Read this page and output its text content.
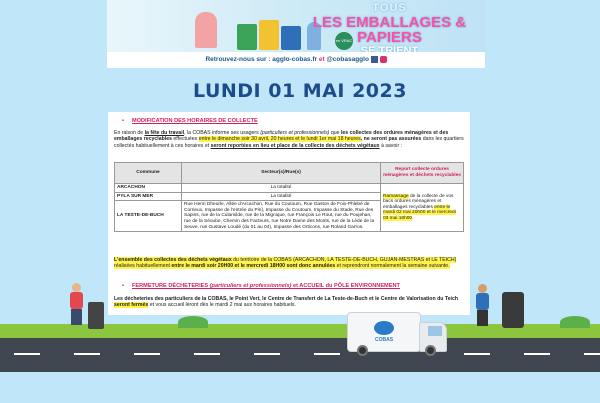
en VRAC
TOUS
LES EMBALLAGES & PAPIERS
Retrouvez-nous sur : agglo-cobas.fr et @cobasagglo
LUNDI 01 MAI 2023
• MODIFICATION DES HORAIRES DE COLLECTE
En raison de la fête du travail, la COBAS informe ses usagers (particuliers et professionnels) que les collectes des ordures ménagères et des emballages recyclables effectuées entre le dimanche soir 30 avril, 20 heures et le lundi 1er mai 18 heures, ne seront pas assurées dans les quartiers collectés habituellement à ces horaires et seront reportées en lieu et place de la collecte des déchets végétaux à savoir :
Commune	Secteur(s)/Rue(s)	Report collecte ordures ménagères et déchets recyclables
ARCACHON	La totalité	Ramassage de la collecte de vos bacs ordures ménagères et emballages recyclables entre le mardi 02 mai 20h00 et le mercredi 03 mai 18h00.
PYLA SUR MER	La totalité	
LA TESTE-DE-BUCH	Rue Henri Dheurle, Allée d'Arcachon, Rue du Coutoum, Rue Gaston de Foix-Phlebé de Corrieux, Impasse de l'entrée du Pin), Impasse du Coutoum, Impasse du Stade, Rue des Sapins, rue de la Culamilde, rue de la Mignique, rue François Le Rout, rue du Poujehan, rue de la Séoube, Chemin des Facteurs, rue Notre Dame des Monts, rue de la Lède de la Seuve, rue Gustave Loudé (du 01 au 04), Impasse des Orticons, rue Roland Garros.	
L'ensemble des collectes des déchets végétaux du territoire de la COBAS (ARCACHON, LA TESTE-DE-BUCH, GUJAN-MESTRAS et LE TEICH) réalisées habituellement entre le mardi soir 20H00 et le mercredi 18H00 sont donc annulées et reprendront normalement la semaine suivante.
• FERMETURE DÉCHETERIES (particuliers et professionnels) et ACCUEIL du PÔLE ENVIRONNEMENT
Les décheteries des particuliers de la COBAS, le Point Vert, le Centre de Transfert de La Teste-de-Buch et le Centre de Valorisation du Teich seront fermés et vous accueil lèront dès le mardi 2 mai aux horaires habituels.
COBAS
